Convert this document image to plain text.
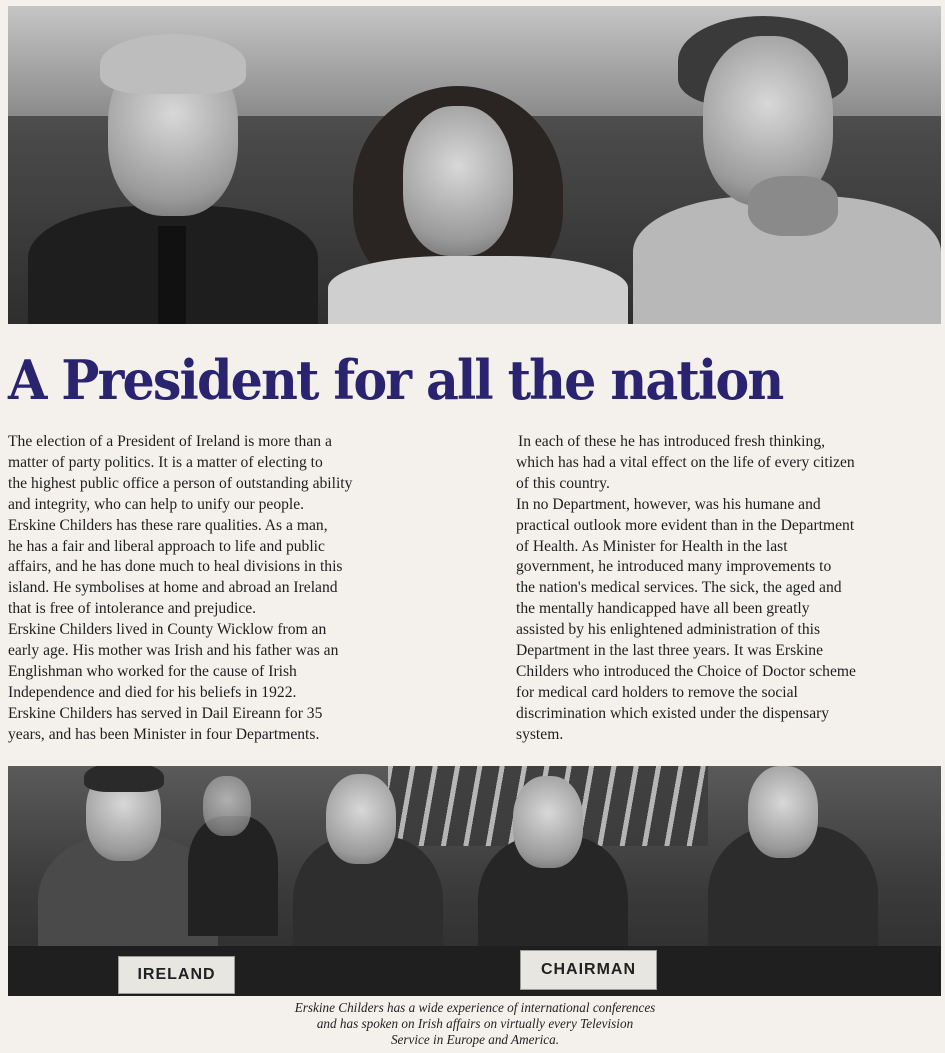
A President for all the nation

The election of a President of Ireland is more than a

matter of party politics. It is a matter of electing to

the highest public office a person of outstanding ability

and integrity, who can help to unify our people.

Erskine Childers has these rare qualities. As a man,

he has a fair and liberal approach to life and public

affairs, and he has done much to heal divisions in this

island. He symbolises at home and abroad an Ireland

that is free of intolerance and prejudice.

Erskine Childers lived in County Wicklow from an

early age. His mother was Irish and his father was an

Englishman who worked for the cause of Irish

Independence and died for his beliefs in 1922.

Erskine Childers has served in Dail Eireann for 35

years, and has been Minister in four Departments.

In each of these he has introduced fresh thinking,

which has had a vital effect on the life of every citizen

of this country.

In no Department, however, was his humane and

practical outlook more evident than in the Department

of Health. As Minister for Health in the last

government, he introduced many improvements to

the nation's medical services. The sick, the aged and

the mentally handicapped have all been greatly

assisted by his enlightened administration of this

Department in the last three years. It was Erskine

Childers who introduced the Choice of Doctor scheme

for medical card holders to remove the social

discrimination which existed under the dispensary

system.

IRELAND	CHAIRMAN
Erskine Childers has a wide experience of international conferences
and has spoken on Irish affairs on virtually every Television
Service in Europe and America.
